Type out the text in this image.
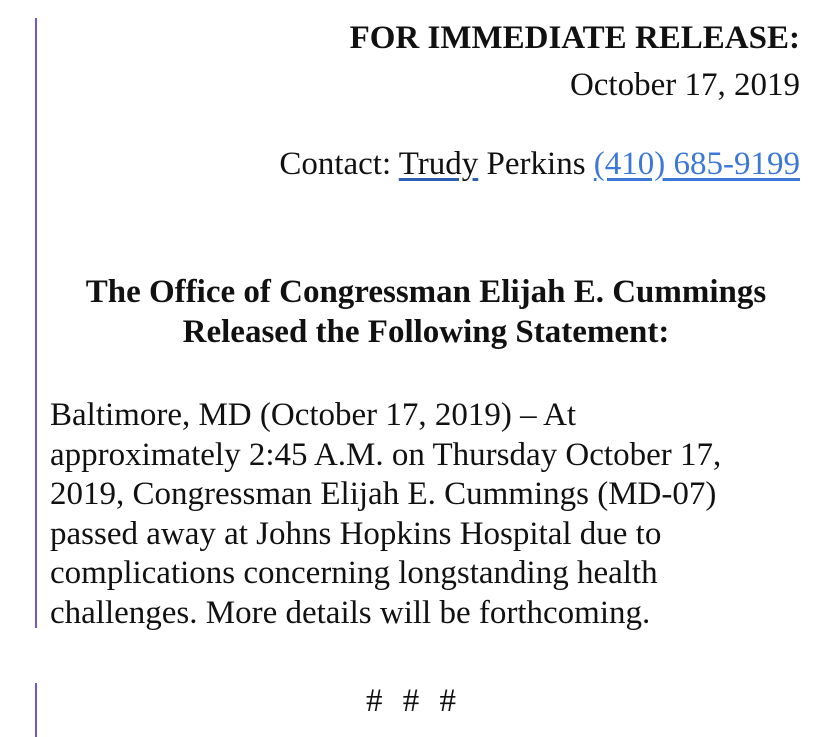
FOR IMMEDIATE RELEASE:
October 17, 2019
Contact: Trudy Perkins (410) 685-9199
The Office of Congressman Elijah E. Cummings
Released the Following Statement:
Baltimore, MD (October 17, 2019) – At
approximately 2:45 A.M. on Thursday October 17,
2019, Congressman Elijah E. Cummings (MD-07)
passed away at Johns Hopkins Hospital due to
complications concerning longstanding health
challenges. More details will be forthcoming.
# # #
